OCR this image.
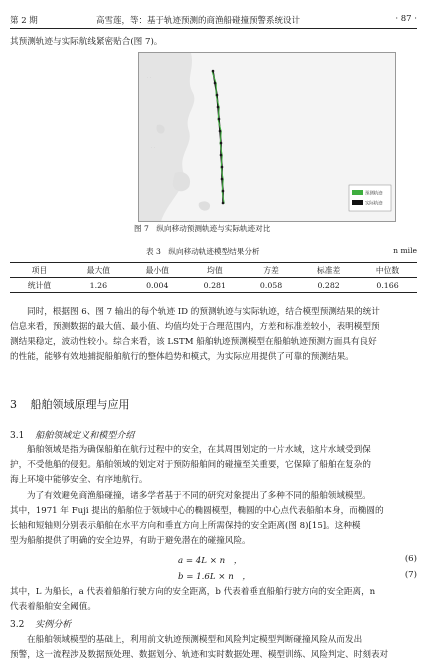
第 2 期	高雪莲，等：基于轨迹预测的商渔船碰撞预警系统设计	· 87 ·
其预测轨迹与实际航线紧密贴合(图 7)。
· ·
· ·
预测轨迹
实际轨迹
图 7　纵向移动预测轨迹与实际轨迹对比
表 3　纵向移动轨迹模型结果分析	n mile
项目	最大值	最小值	均值	方差	标准差	中位数
统计值	1.26	0.004	0.281	0.058	0.282	0.166
同时，根据图 6、图 7 输出的每个轨迹 ID 的预测轨迹与实际轨迹，结合模型预测结果的统计
信息来看，预测数据的最大值、最小值、均值均处于合理范围内，方差和标准差较小，表明模型预
测结果稳定，波动性较小。综合来看，该 LSTM 船舶轨迹预测模型在船舶轨迹预测方面具有良好
的性能，能够有效地捕捉船舶航行的整体趋势和模式，为实际应用提供了可靠的预测结果。
3 船舶领域原理与应用
3.1 船舶领域定义和模型介绍
船舶领域是指为确保船舶在航行过程中的安全，在其周围划定的一片水域，这片水域受到保
护，不受他船的侵犯。船舶领域的划定对于预防船舶间的碰撞至关重要，它保障了船舶在复杂的
海上环境中能够安全、有序地航行。
为了有效避免商渔船碰撞，诸多学者基于不同的研究对象提出了多种不同的船舶领域模型。
其中，1971 年 Fuji 提出的船舶位于领域中心的椭圆模型，椭圆的中心点代表船舶本身，而椭圆的
长轴和短轴则分别表示船舶在水平方向和垂直方向上所需保持的安全距离(图 8)[15]。这种模
型为船舶提供了明确的安全边界，有助于避免潜在的碰撞风险。
a = 4L × n　，	(6)
b = 1.6L × n　，	(7)
其中，L 为船长，a 代表着船舶行驶方向的安全距离，b 代表着垂直船舶行驶方向的安全距离，n
代表着船舶安全阈值。
3.2 实例分析
在船舶领域模型的基础上，利用前文轨迹预测模型和风险判定模型判断碰撞风险从而发出
预警，这一流程涉及数据预处理、数据划分、轨迹和实时数据处理、模型训练、风险判定、时刻表对
